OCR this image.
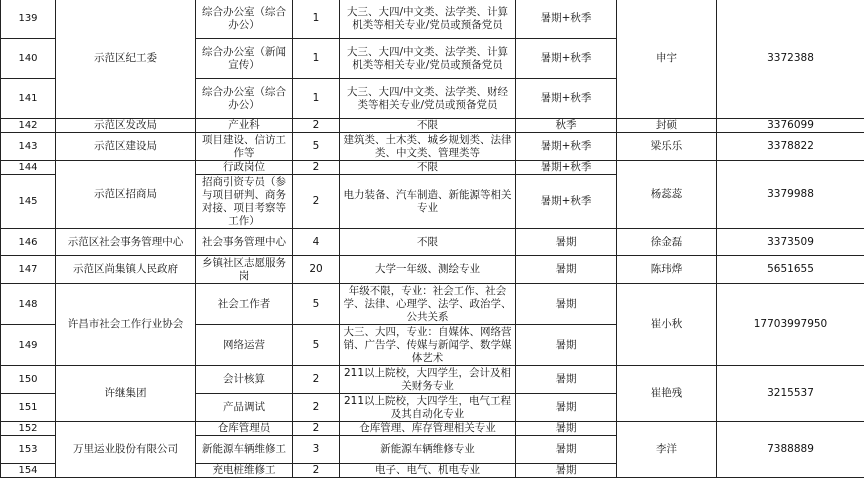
139	示范区纪工委	综合办公室（综合办公）	1	大三、大四/中文类、法学类、计算机类等相关专业/党员或预备党员	暑期+秋季	申宇	3372388
140		综合办公室（新闻宣传）	1	大三、大四/中文类、法学类、计算机类等相关专业/党员或预备党员	暑期+秋季		
141		综合办公室（综合办公）	1	大三、大四/中文类、法学类、财经类等相关专业/党员或预备党员	暑期+秋季		
142	示范区发改局	产业科	2	不限	秋季	封硕	3376099
143	示范区建设局	项目建设、信访工作等	5	建筑类、土木类、城乡规划类、法律类、中文类、管理类等	暑期+秋季	梁乐乐	3378822
144	示范区招商局	行政岗位	2	不限	暑期+秋季	杨蕊蕊	3379988
145		招商引资专员（参与项目研判、商务对接、项目考察等工作）	2	电力装备、汽车制造、新能源等相关专业	暑期+秋季		
146	示范区社会事务管理中心	社会事务管理中心	4	不限	暑期	徐金磊	3373509
147	示范区尚集镇人民政府	乡镇社区志愿服务岗	20	大学一年级、测绘专业	暑期	陈玮烨	5651655
148	许昌市社会工作行业协会	社会工作者	5	年级不限，专业：社会工作、社会学、法律、心理学、法学、政治学、公共关系	暑期	崔小秋	17703997950
149		网络运营	5	大三、大四，专业：自媒体、网络营销、广告学、传媒与新闻学、数学媒体艺术	暑期		
150	许继集团	会计核算	2	211以上院校，大四学生，会计及相关财务专业	暑期	崔艳残	3215537
151		产品调试	2	211以上院校，大四学生，电气工程及其自动化专业	暑期		
152	万里运业股份有限公司	仓库管理员	2	仓库管理、库存管理相关专业	暑期	李洋	7388889
153		新能源车辆维修工	3	新能源车辆维修专业	暑期		
154		充电桩维修工	2	电子、电气、机电专业	暑期		
